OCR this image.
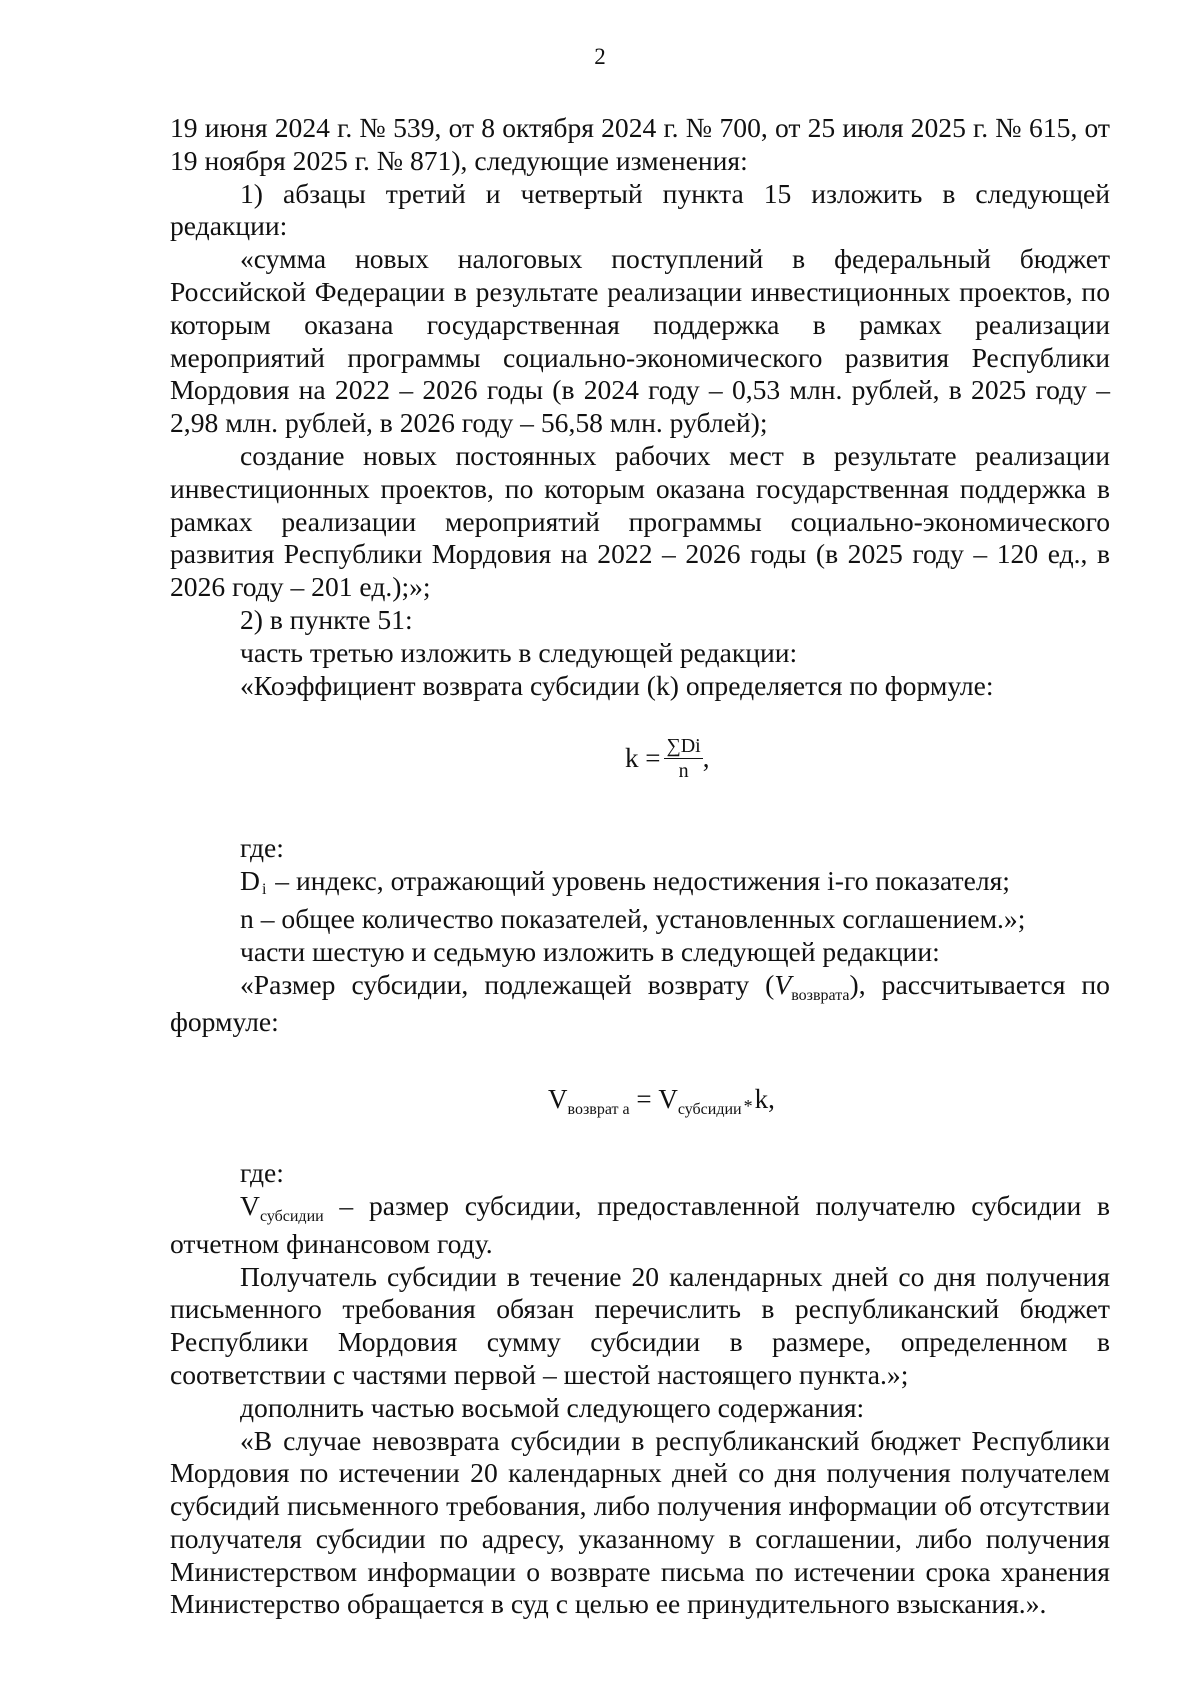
2

19 июня 2024 г. № 539, от 8 октября 2024 г. № 700, от 25 июля 2025 г. № 615, от 19 ноября 2025 г. № 871), следующие изменения:

1) абзацы третий и четвертый пункта 15 изложить в следующей редакции:

«сумма новых налоговых поступлений в федеральный бюджет Российской Федерации в результате реализации инвестиционных проектов, по которым оказана государственная поддержка в рамках реализации мероприятий программы социально-экономического развития Республики Мордовия на 2022 – 2026 годы (в 2024 году – 0,53 млн. рублей, в 2025 году – 2,98 млн. рублей, в 2026 году – 56,58 млн. рублей);

создание новых постоянных рабочих мест в результате реализации инвестиционных проектов, по которым оказана государственная поддержка в рамках реализации мероприятий программы социально-экономического развития Республики Мордовия на 2022 – 2026 годы (в 2025 году – 120 ед., в 2026 году – 201 ед.);»;

2) в пункте 51:

часть третью изложить в следующей редакции:

«Коэффициент возврата субсидии (k) определяется по формуле:

$k = \frac{\sum Di}{n}$ ,

где:

Di – индекс, отражающий уровень недостижения i-го показателя;

n – общее количество показателей, установленных соглашением.»;

части шестую и седьмую изложить в следующей редакции:

«Размер субсидии, подлежащей возврату $(V_{возврата})$, рассчитывается по формуле:

$V_{возврат а} = V_{субсидии}$ *k,

где:

$V_{субсидии}$ – размер субсидии, предоставленной получателю субсидии в отчетном финансовом году.

Получатель субсидии в течение 20 календарных дней со дня получения письменного требования обязан перечислить в республиканский бюджет Республики Мордовия сумму субсидии в размере, определенном в соответствии с частями первой – шестой настоящего пункта.»;

дополнить частью восьмой следующего содержания:

«В случае невозврата субсидии в республиканский бюджет Республики Мордовия по истечении 20 календарных дней со дня получения получателем субсидий письменного требования, либо получения информации об отсутствии получателя субсидии по адресу, указанному в соглашении, либо получения Министерством информации о возврате письма по истечении срока хранения Министерство обращается в суд с целью ее принудительного взыскания.».
